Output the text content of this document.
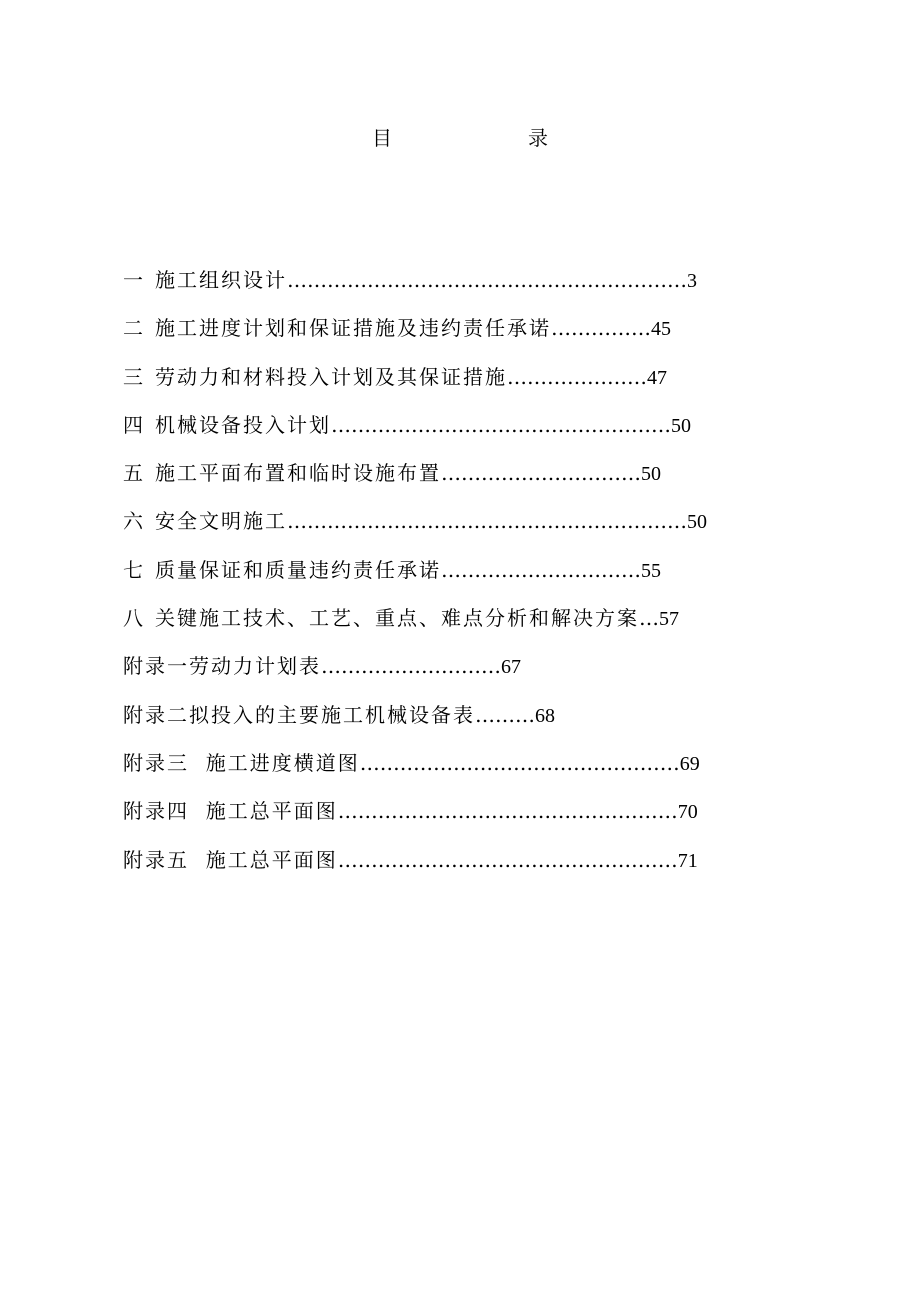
目　录
一 施工组织设计 …………………………………………………… 3
二 施工进度计划和保证措施及违约责任承诺 …………… 45
三 劳动力和材料投入计划及其保证措施 ………………… 47
四 机械设备投入计划 …………………………………………… 50
五 施工平面布置和临时设施布置 ………………………… 50
六 安全文明施工 …………………………………………………… 50
七 质量保证和质量违约责任承诺 ………………………… 55
八 关键施工技术、工艺、重点、难点分析和解决方案 … 57
附录一劳动力计划表 ……………………… 67
附录二拟投入的主要施工机械设备表 ……… 68
附录三  施工进度横道图 ………………………………………… 69
附录四  施工总平面图 …………………………………………… 70
附录五  施工总平面图 …………………………………………… 71
